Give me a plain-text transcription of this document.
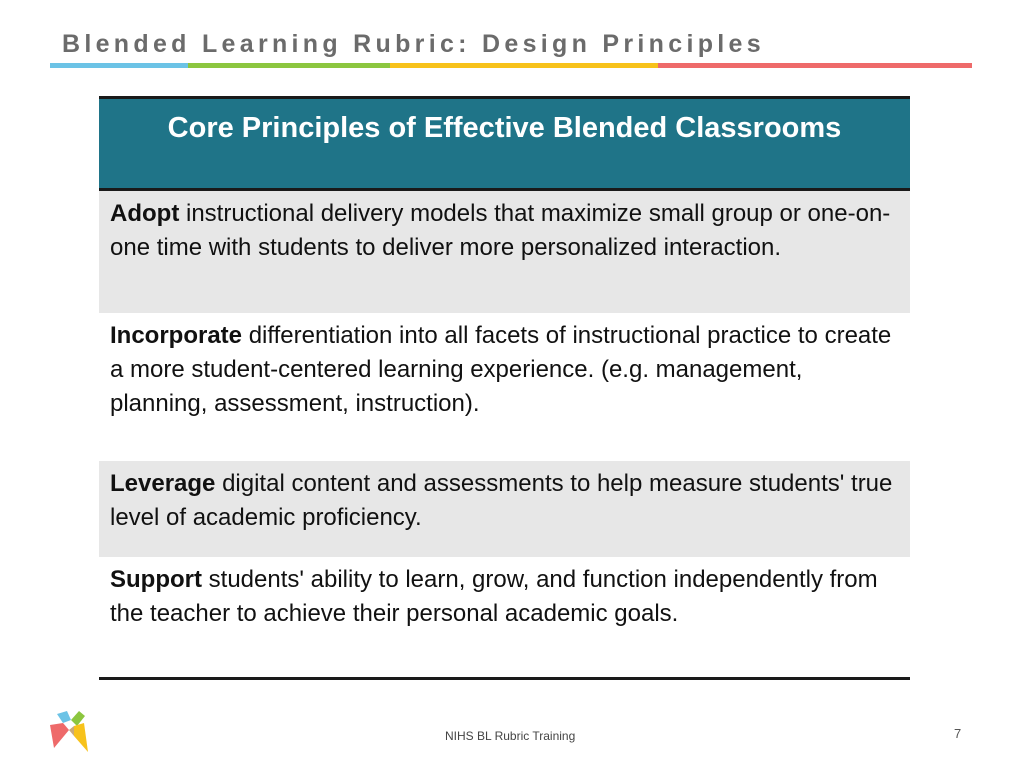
Blended Learning Rubric: Design Principles
Core Principles of Effective Blended Classrooms
Adopt instructional delivery models that maximize small group or one-on-one time with students to deliver more personalized interaction.
Incorporate differentiation into all facets of instructional practice to create a more student-centered learning experience. (e.g. management, planning, assessment, instruction).
Leverage digital content and assessments to help measure students' true level of academic proficiency.
Support students' ability to learn, grow, and function independently from the teacher to achieve their personal academic goals.
NIHS BL Rubric Training	7
